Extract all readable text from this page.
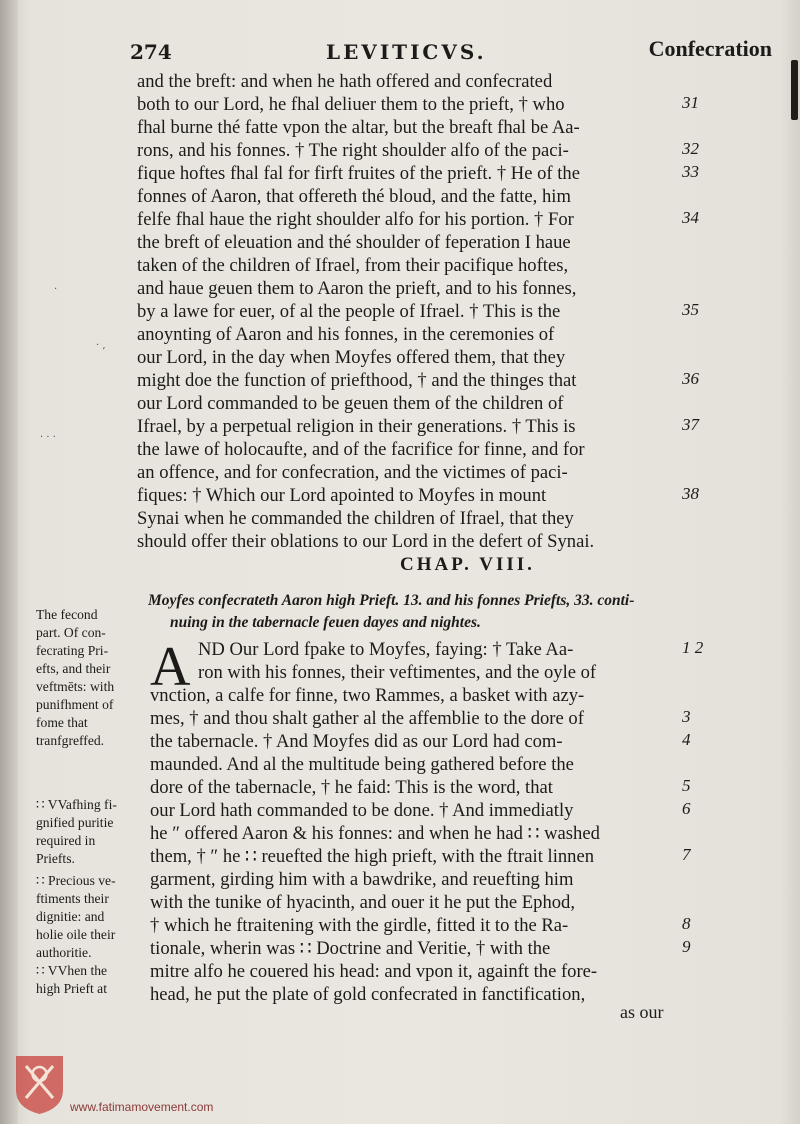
274	LEVITICVS.	Confecration
and the breft: and when he hath offered and confecrated
both to our Lord, he fhal deliuer them to the prieft, † who
fhal burne thé fatte vpon the altar, but the breaft fhal be Aa-
rons, and his fonnes. † The right shoulder alfo of the paci-
fique hoftes fhal fal for firft fruites of the prieft. † He of the
fonnes of Aaron, that offereth thé bloud, and the fatte, him
felfe fhal haue the right shoulder alfo for his portion. † For
the breft of eleuation and thé shoulder of feperation I haue
taken of the children of Ifrael, from their pacifique hoftes,
and haue geuen them to Aaron the prieft, and to his fonnes,
by a lawe for euer, of al the people of Ifrael. † This is the
anoynting of Aaron and his fonnes, in the ceremonies of
our Lord, in the day when Moyfes offered them, that they
might doe the function of priefthood, † and the thinges that
our Lord commanded to be geuen them of the children of
Ifrael, by a perpetual religion in their generations. † This is
the lawe of holocaufte, and of the facrifice for finne, and for
an offence, and for confecration, and the victimes of paci-
fiques: † Which our Lord apointed to Moyfes in mount
Synai when he commanded the children of Ifrael, that they
should offer their oblations to our Lord in the defert of Synai.
31
32
33
34
35
36
37
38
CHAP. VIII.
Moyfes confecrateth Aaron high Prieft. 13. and his fonnes Priefts, 33. conti-
nuing in the tabernacle feuen dayes and nightes.
A ND Our Lord fpake to Moyfes, faying: † Take Aa-
ron with his fonnes, their veftimentes, and the oyle of
vnction, a calfe for finne, two Rammes, a basket with azy-
mes, † and thou shalt gather al the affemblie to the dore of
the tabernacle. † And Moyfes did as our Lord had com-
maunded. And al the multitude being gathered before the
dore of the tabernacle, † he faid: This is the word, that
our Lord hath commanded to be done. † And immediatly
he ″ offered Aaron & his fonnes: and when he had ∷ washed
them, † ″ he ∷ reuefted the high prieft, with the ftrait linnen
garment, girding him with a bawdrike, and reuefting him
with the tunike of hyacinth, and ouer it he put the Ephod,
† which he ftraitening with the girdle, fitted it to the Ra-
tionale, wherin was ∷ Doctrine and Veritie, † with the
mitre alfo he couered his head: and vpon it, againft the fore-
head, he put the plate of gold confecrated in fanctification,
1 2
3
4
5
6
7
8
9
The fecond
part. Of con-
fecrating Pri-
efts, and their
veftmēts: with
punifhment of
fome that
tranfgreffed.
∷ VVafhing fi-
gnified puritie
required in
Priefts.
∷ Precious ve-
ftiments their
dignitie: and
holie oile their
authoritie.
∷ VVhen the
high Prieft at
as our
·
· ,
· · ·
www.fatimamovement.com
